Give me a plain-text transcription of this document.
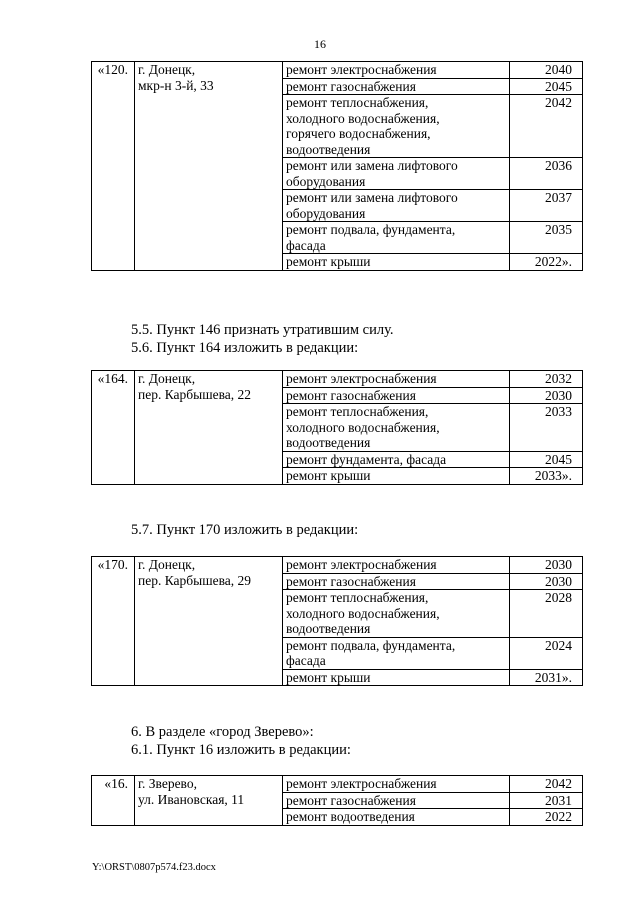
16
«120.	г. Донецк,
мкр-н 3-й, 33	ремонт электроснабжения	2040
		ремонт газоснабжения	2045
		ремонт теплоснабжения,
холодного водоснабжения,
горячего водоснабжения,
водоотведения	2042
		ремонт или замена лифтового
оборудования	2036
		ремонт или замена лифтового
оборудования	2037
		ремонт подвала, фундамента,
фасада	2035
		ремонт крыши	2022».
5.5. Пункт 146 признать утратившим силу.
5.6. Пункт 164 изложить в редакции:
«164.	г. Донецк,
пер. Карбышева, 22	ремонт электроснабжения	2032
		ремонт газоснабжения	2030
		ремонт теплоснабжения,
холодного водоснабжения,
водоотведения	2033
		ремонт фундамента, фасада	2045
		ремонт крыши	2033».
5.7. Пункт 170 изложить в редакции:
«170.	г. Донецк,
пер. Карбышева, 29	ремонт электроснабжения	2030
		ремонт газоснабжения	2030
		ремонт теплоснабжения,
холодного водоснабжения,
водоотведения	2028
		ремонт подвала, фундамента,
фасада	2024
		ремонт крыши	2031».
6. В разделе «город Зверево»:
6.1. Пункт 16 изложить в редакции:
«16.	г. Зверево,
ул. Ивановская, 11	ремонт электроснабжения	2042
		ремонт газоснабжения	2031
		ремонт водоотведения	2022
Y:\ORST\0807p574.f23.docx
